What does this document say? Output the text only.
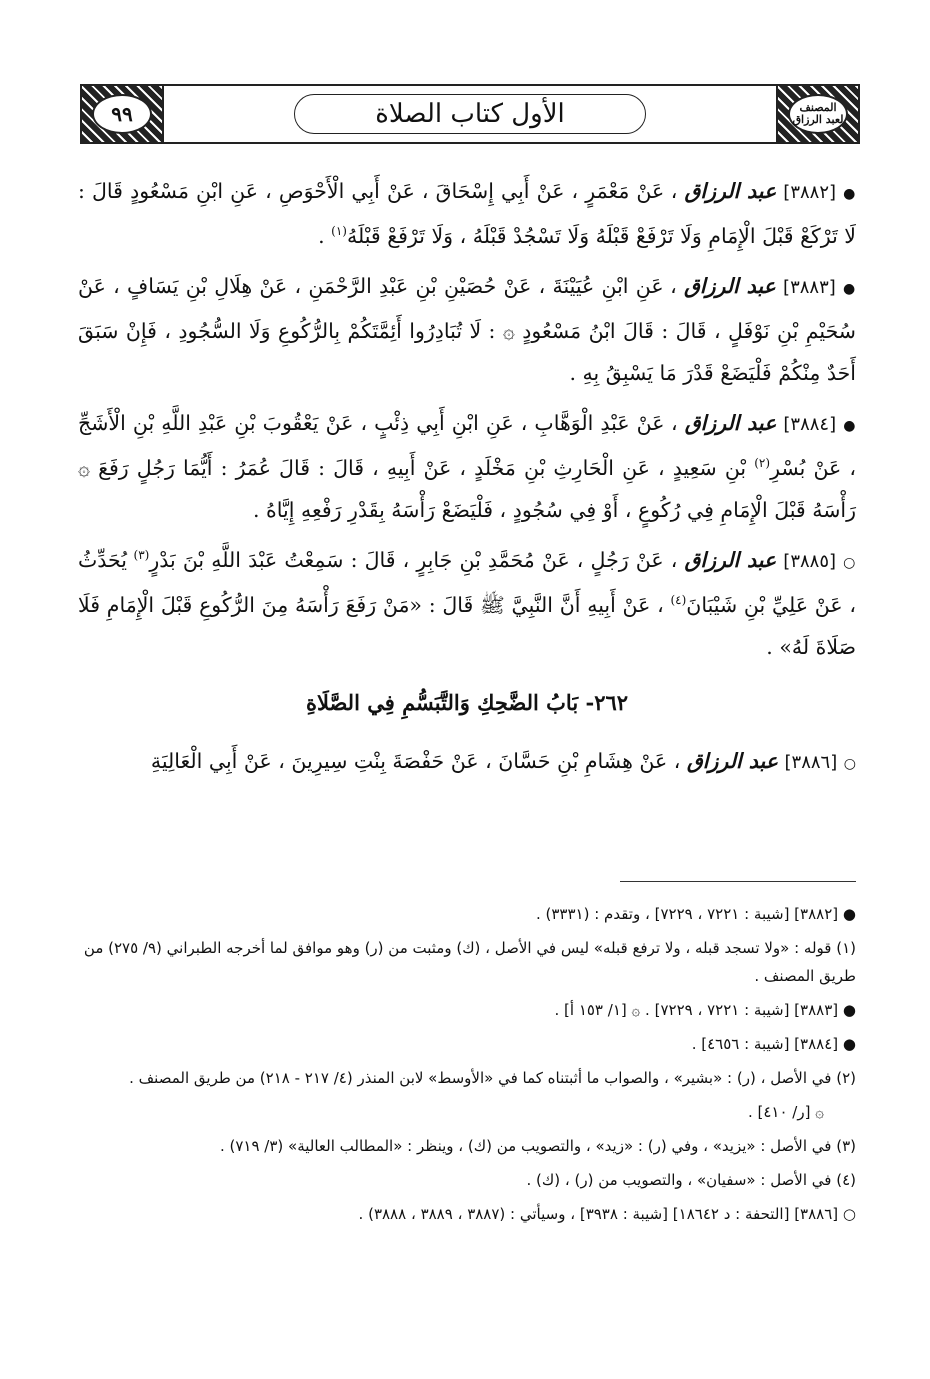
٩٩	الأول كتاب الصلاة	المصنف لعبد الرزاق

● [٣٨٨٢] عبد الرزاق ، عَنْ مَعْمَرٍ ، عَنْ أَبِي إِسْحَاقَ ، عَنْ أَبِي الْأَحْوَصِ ، عَنِ ابْنِ مَسْعُودٍ قَالَ : لَا تَرْكَعْ قَبْلَ الْإِمَامِ وَلَا تَرْفَعْ قَبْلَهُ وَلَا تَسْجُدْ قَبْلَهُ ، وَلَا تَرْفَعْ قَبْلَهُ$^{(١)}$ .

● [٣٨٨٣] عبد الرزاق ، عَنِ ابْنِ عُيَيْنَةَ ، عَنْ حُصَيْنِ بْنِ عَبْدِ الرَّحْمَنِ ، عَنْ هِلَالِ بْنِ يَسَافٍ ، عَنْ سُحَيْمِ بْنِ نَوْفَلٍ ، قَالَ : قَالَ ابْنُ مَسْعُودٍ ۞ : لَا تُبَادِرُوا أَئِمَّتَكُمْ بِالرُّكُوعِ وَلَا السُّجُودِ ، فَإِنْ سَبَقَ أَحَدٌ مِنْكُمْ فَلْيَضَعْ قَدْرَ مَا يَسْبِقُ بِهِ .

● [٣٨٨٤] عبد الرزاق ، عَنْ عَبْدِ الْوَهَّابِ ، عَنِ ابْنِ أَبِي ذِئْبٍ ، عَنْ يَعْقُوبَ بْنِ عَبْدِ اللَّهِ بْنِ الْأَشَجِّ ، عَنْ بُسْرِ$^{(٢)}$ بْنِ سَعِيدٍ ، عَنِ الْحَارِثِ بْنِ مَخْلَدٍ ، عَنْ أَبِيهِ ، قَالَ : قَالَ عُمَرُ : أَيُّمَا رَجُلٍ رَفَعَ ۞ رَأْسَهُ قَبْلَ الْإِمَامِ فِي رُكُوعٍ ، أَوْ فِي سُجُودٍ ، فَلْيَضَعْ رَأْسَهُ بِقَدْرِ رَفْعِهِ إِيَّاهُ .

○ [٣٨٨٥] عبد الرزاق ، عَنْ رَجُلٍ ، عَنْ مُحَمَّدِ بْنِ جَابِرٍ ، قَالَ : سَمِعْتُ عَبْدَ اللَّهِ بْنَ بَدْرٍ$^{(٣)}$ يُحَدِّثُ ، عَنْ عَلِيِّ بْنِ شَيْبَانَ$^{(٤)}$ ، عَنْ أَبِيهِ أَنَّ النَّبِيَّ ﷺ قَالَ : «مَنْ رَفَعَ رَأْسَهُ مِنَ الرُّكُوعِ قَبْلَ الْإِمَامِ فَلَا صَلَاةَ لَهُ» .

٢٦٢- بَابُ الضَّحِكِ وَالتَّبَسُّمِ فِي الصَّلَاةِ

○ [٣٨٨٦] عبد الرزاق ، عَنْ هِشَامِ بْنِ حَسَّانَ ، عَنْ حَفْصَةَ بِنْتِ سِيرِينَ ، عَنْ أَبِي الْعَالِيَةِ

● [٣٨٨٢] [شيبة : ٧٢٢١ ، ٧٢٢٩] ، وتقدم : (٣٣٣١) .

(١) قوله : «ولا تسجد قبله ، ولا ترفع قبله» ليس في الأصل ، (ك) ومثبت من (ر) وهو موافق لما أخرجه الطبراني (٩/ ٢٧٥) من طريق المصنف .

● [٣٨٨٣] [شيبة : ٧٢٢١ ، ٧٢٢٩] . ۞ [١/ ١٥٣ أ] .

● [٣٨٨٤] [شيبة : ٤٦٥٦] .

(٢) في الأصل ، (ر) : «بشير» ، والصواب ما أثبتناه كما في «الأوسط» لابن المنذر (٤/ ٢١٧ - ٢١٨) من طريق المصنف .

۞ [ر/ ٤١٠] .

(٣) في الأصل : «يزيد» ، وفي (ر) : «زيد» ، والتصويب من (ك) ، وينظر : «المطالب العالية» (٣/ ٧١٩) .

(٤) في الأصل : «سفيان» ، والتصويب من (ر) ، (ك) .

○ [٣٨٨٦] [التحفة : د ١٨٦٤٢] [شيبة : ٣٩٣٨] ، وسيأتي : (٣٨٨٧ ، ٣٨٨٩ ، ٣٨٨٨) .
